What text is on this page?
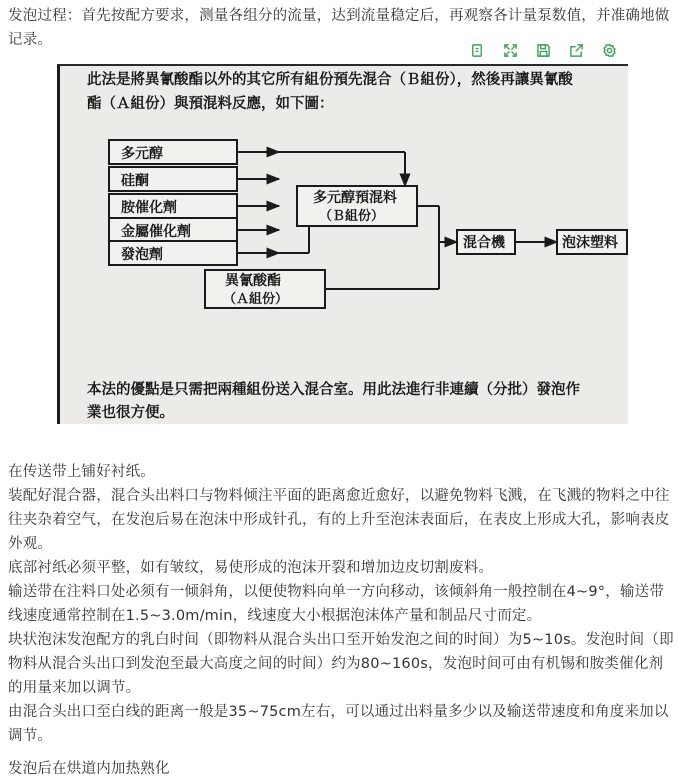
发泡过程：首先按配方要求，测量各组分的流量，达到流量稳定后，再观察各计量泵数值，并准确地做记录。

此法是將異氰酸酯以外的其它所有組份預先混合（Ｂ組份），然後再讓異氰酸
酯（Ａ組份）與預混料反應，如下圖：
多元醇
硅酮
胺催化劑
金屬催化劑
發泡劑
多元醇預混料
（Ｂ組份）
異氰酸酯
（Ａ組份）
混合機	泡沫塑料
本法的優點是只需把兩種組份送入混合室。用此法進行非連續（分批）發泡作
業也很方便。

在传送带上铺好衬纸。

装配好混合器，混合头出料口与物料倾注平面的距离愈近愈好，以避免物料飞溅，在飞溅的物料之中往往夹杂着空气，在发泡后易在泡沫中形成针孔，有的上升至泡沫表面后，在表皮上形成大孔，影响表皮外观。

底部衬纸必须平整，如有皱纹，易使形成的泡沫开裂和增加边皮切割废料。

输送带在注料口处必须有一倾斜角，以便使物料向单一方向移动，该倾斜角一般控制在4~9°，输送带线速度通常控制在1.5~3.0m/min，线速度大小根据泡沫体产量和制品尺寸而定。

块状泡沫发泡配方的乳白时间（即物料从混合头出口至开始发泡之间的时间）为5~10s。发泡时间（即物料从混合头出口到发泡至最大高度之间的时间）约为80~160s，发泡时间可由有机锡和胺类催化剂的用量来加以调节。

由混合头出口至白线的距离一般是35~75cm左右，可以通过出料量多少以及输送带速度和角度来加以调节。

发泡后在烘道内加热熟化
